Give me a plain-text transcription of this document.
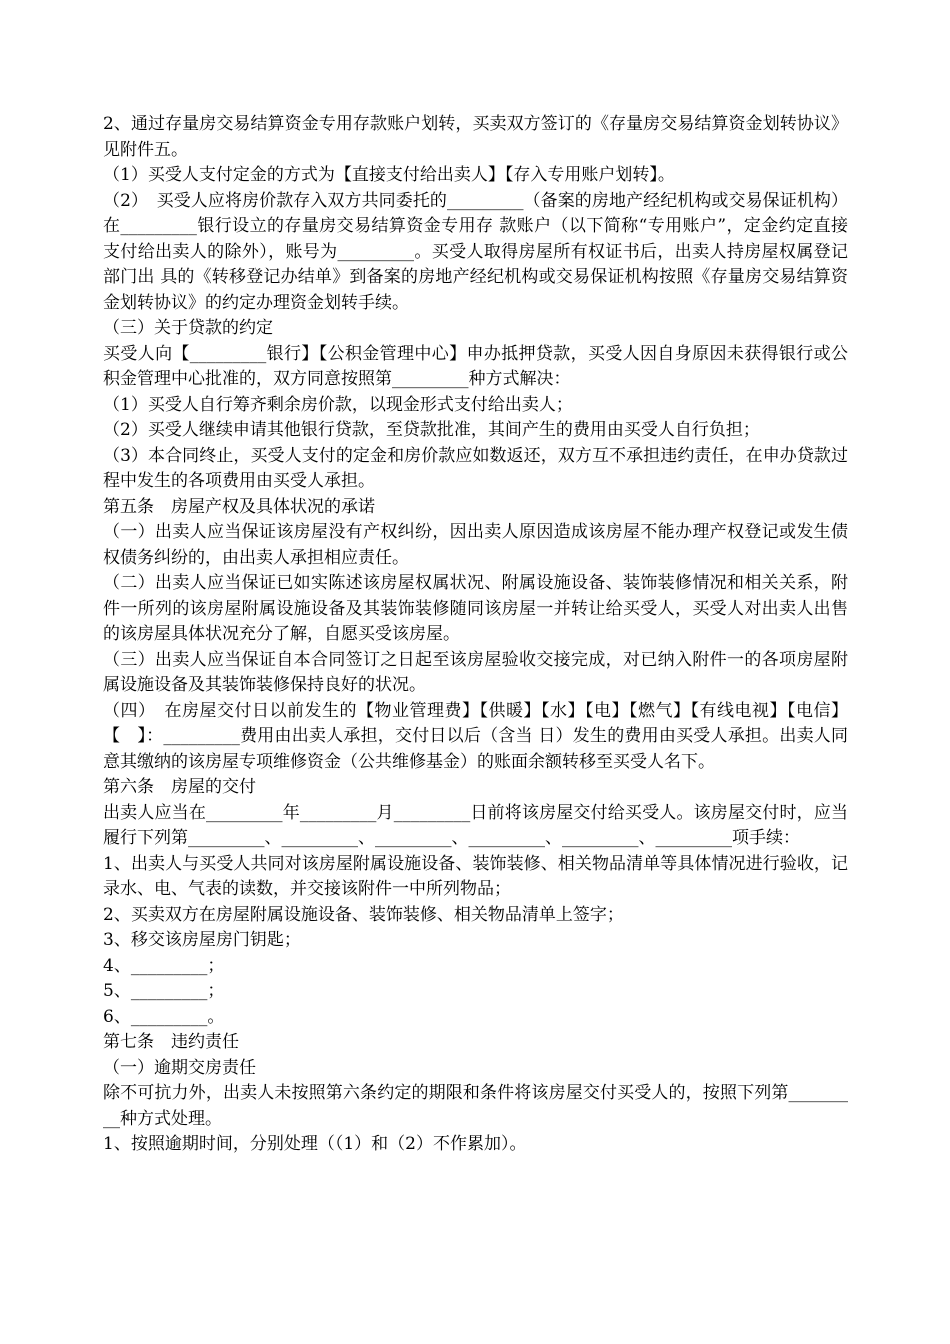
2、通过存量房交易结算资金专用存款账户划转，买卖双方签订的《存量房交易结算资金划转协议》见附件五。

（1）买受人支付定金的方式为【直接支付给出卖人】【存入专用账户划转】。

（2）　买受人应将房价款存入双方共同委托的_________（备案的房地产经纪机构或交易保证机构）在_________银行设立的存量房交易结算资金专用存 款账户（以下简称“专用账户”，定金约定直接支付给出卖人的除外），账号为_________。买受人取得房屋所有权证书后，出卖人持房屋权属登记部门出 具的《转移登记办结单》到备案的房地产经纪机构或交易保证机构按照《存量房交易结算资金划转协议》的约定办理资金划转手续。

（三）关于贷款的约定

买受人向【_________银行】【公积金管理中心】申办抵押贷款，买受人因自身原因未获得银行或公积金管理中心批准的，双方同意按照第_________种方式解决：

（1）买受人自行筹齐剩余房价款，以现金形式支付给出卖人；

（2）买受人继续申请其他银行贷款，至贷款批准，其间产生的费用由买受人自行负担；

（3）本合同终止，买受人支付的定金和房价款应如数返还，双方互不承担违约责任，在申办贷款过程中发生的各项费用由买受人承担。

第五条　房屋产权及具体状况的承诺

（一）出卖人应当保证该房屋没有产权纠纷，因出卖人原因造成该房屋不能办理产权登记或发生债权债务纠纷的，由出卖人承担相应责任。

（二）出卖人应当保证已如实陈述该房屋权属状况、附属设施设备、装饰装修情况和相关关系，附件一所列的该房屋附属设施设备及其装饰装修随同该房屋一并转让给买受人，买受人对出卖人出售的该房屋具体状况充分了解，自愿买受该房屋。

（三）出卖人应当保证自本合同签订之日起至该房屋验收交接完成，对已纳入附件一的各项房屋附属设施设备及其装饰装修保持良好的状况。

（四）　在房屋交付日以前发生的【物业管理费】【供暖】【水】【电】【燃气】【有线电视】【电信】【　】：_________费用由出卖人承担，交付日以后（含当 日）发生的费用由买受人承担。出卖人同意其缴纳的该房屋专项维修资金（公共维修基金）的账面余额转移至买受人名下。

第六条　房屋的交付

出卖人应当在_________年_________月_________日前将该房屋交付给买受人。该房屋交付时，应当履行下列第_________、_________、_________、_________、_________、_________项手续：

1、出卖人与买受人共同对该房屋附属设施设备、装饰装修、相关物品清单等具体情况进行验收，记录水、电、气表的读数，并交接该附件一中所列物品；

2、买卖双方在房屋附属设施设备、装饰装修、相关物品清单上签字；

3、移交该房屋房门钥匙；

4、_________；

5、_________；

6、_________。

第七条　违约责任

（一）逾期交房责任

除不可抗力外，出卖人未按照第六条约定的期限和条件将该房屋交付买受人的，按照下列第_________种方式处理。

1、按照逾期时间，分别处理（（1）和（2）不作累加）。
